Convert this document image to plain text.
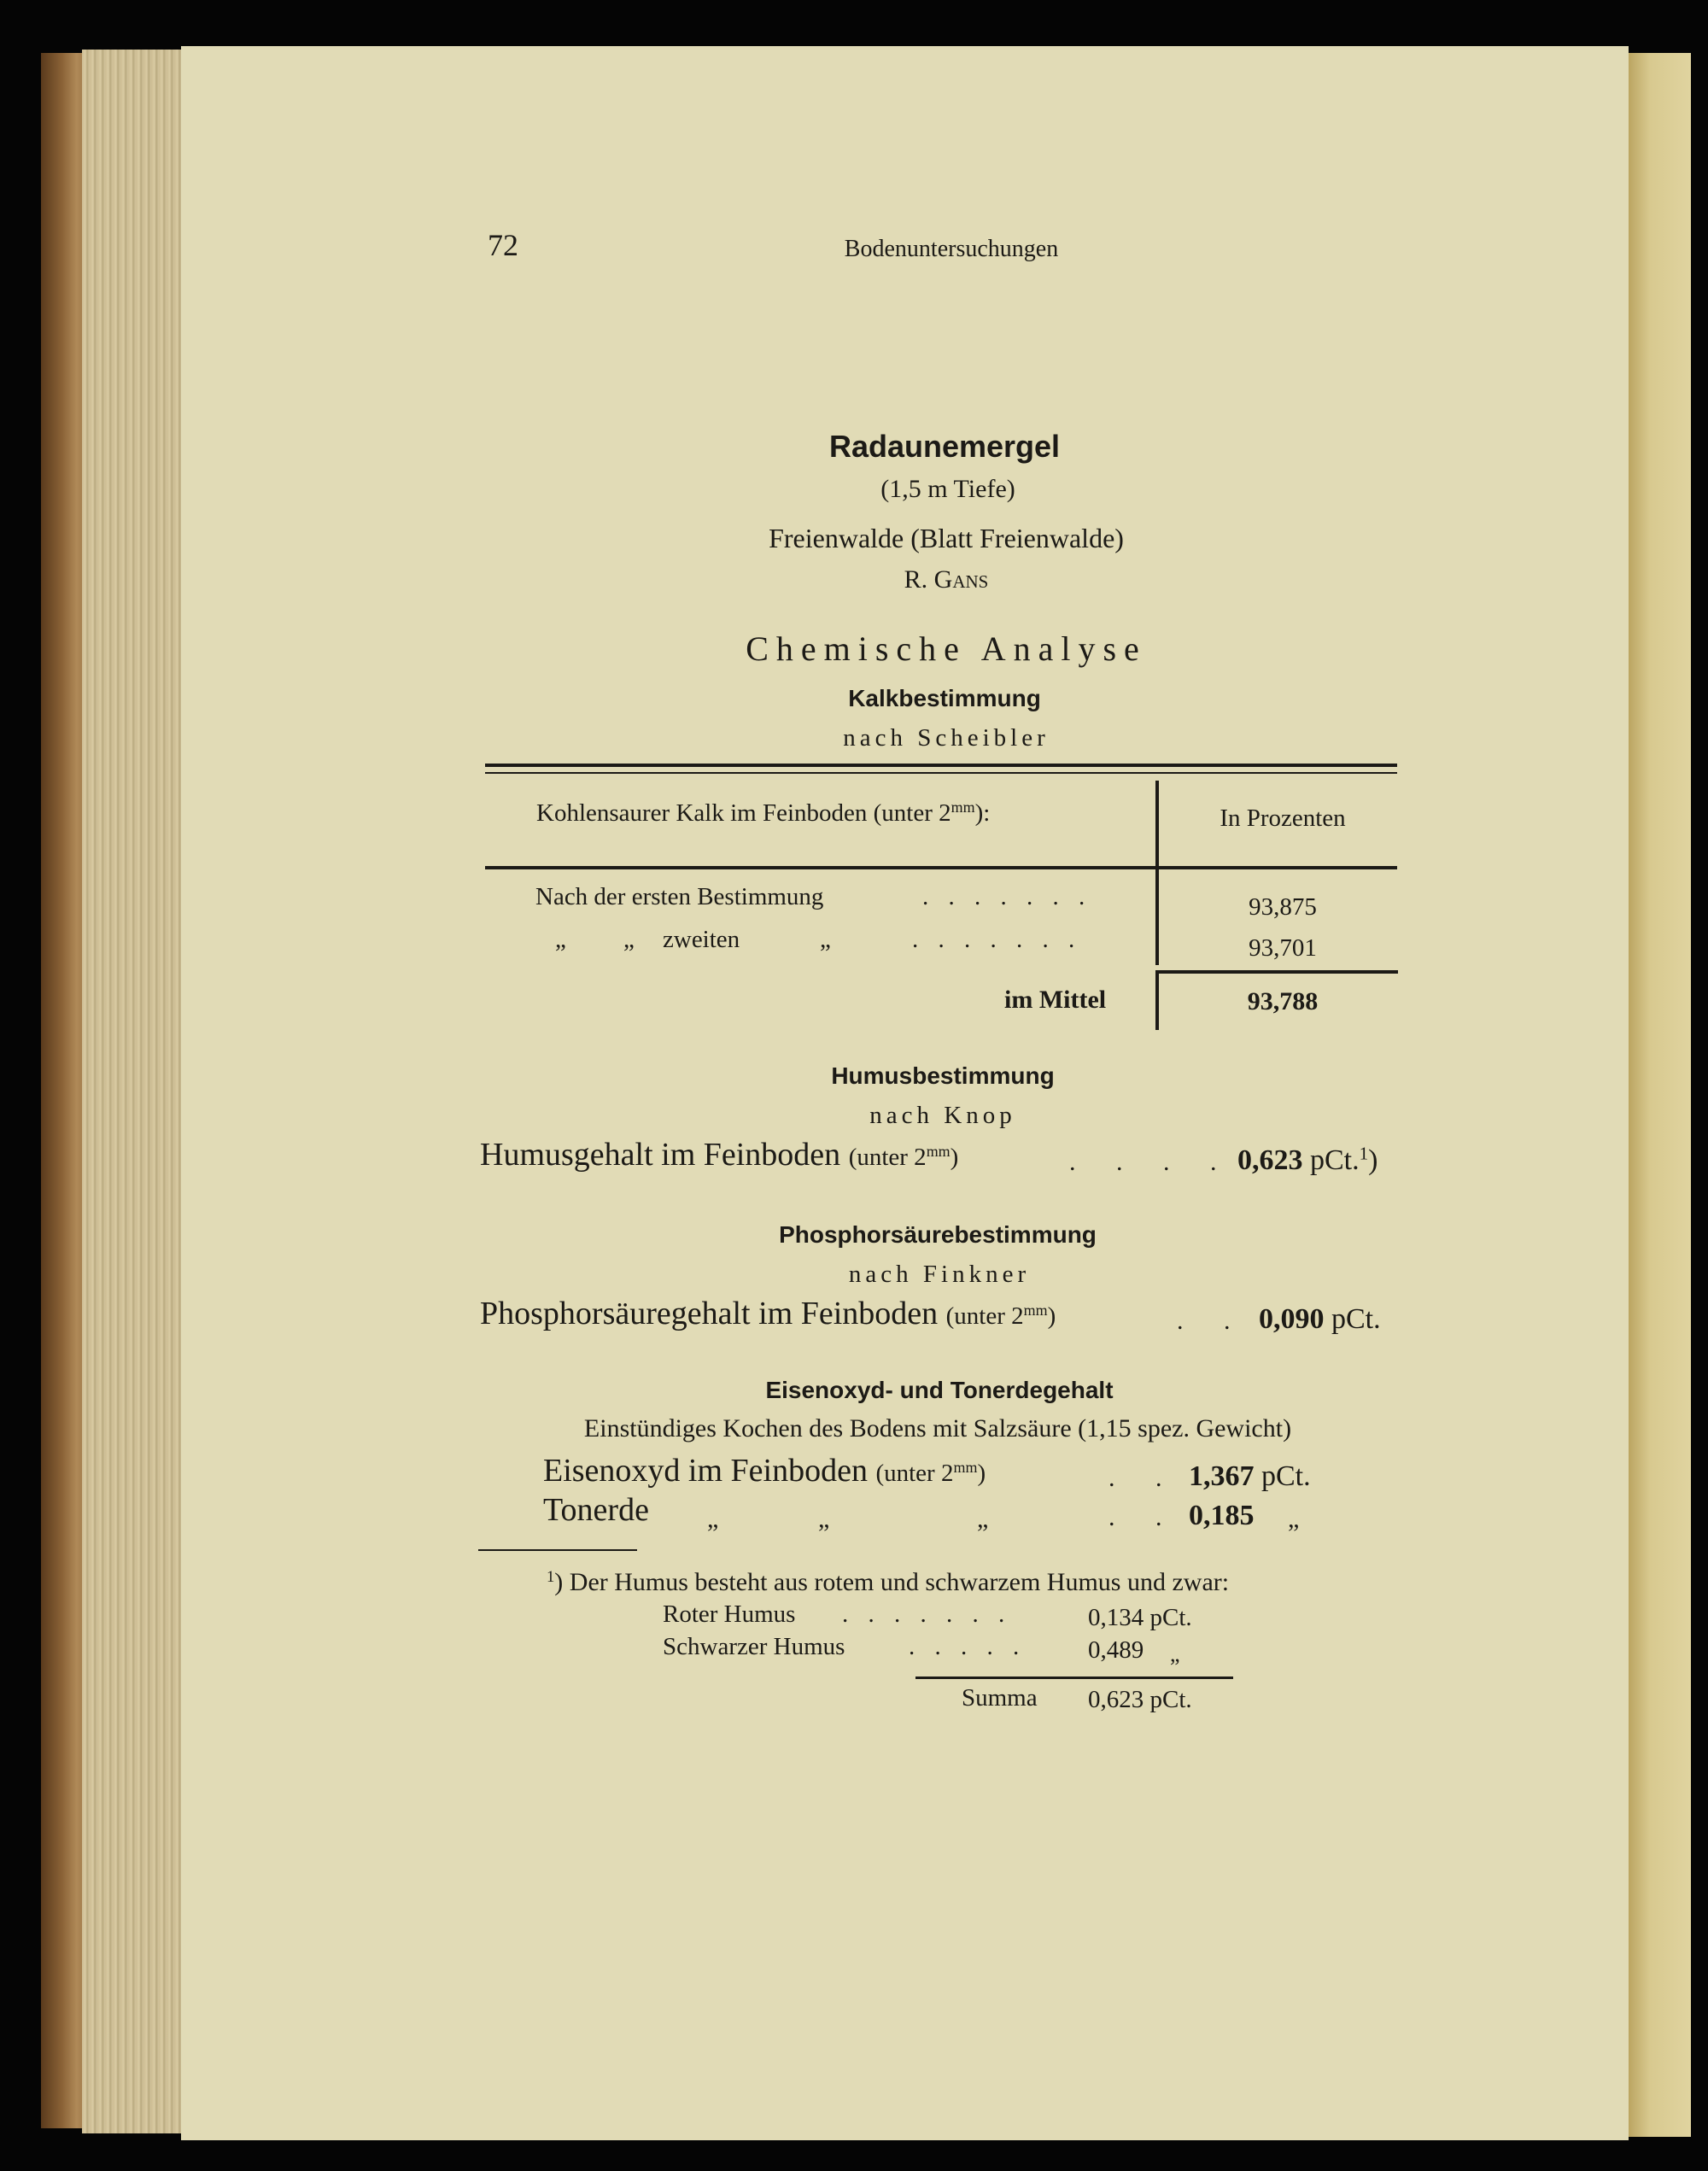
72	Bodenuntersuchungen
Radaunemergel
(1,5 m Tiefe)
Freienwalde (Blatt Freienwalde)
R. Gans
Chemische Analyse
Kalkbestimmung
nach Scheibler
Kohlensaurer Kalk im Feinboden (unter $2^{mm}$):	In Prozenten
Nach der ersten Bestimmung	. . . . . . .	93,875
„ „ zweiten	„	. . . . . . .	93,701
im Mittel	93,788
Humusbestimmung
nach Knop
Humusgehalt im Feinboden (unter $2^{mm}$)	. . . . 0,623 pCt.$^1$)
Phosphorsäurebestimmung
nach Finkner
Phosphorsäuregehalt im Feinboden (unter $2^{mm}$)	. . 0,090 pCt.
Eisenoxyd- und Tonerdegehalt
Einstündiges Kochen des Bodens mit Salzsäure (1,15 spez. Gewicht)
Eisenoxyd im Feinboden (unter $2^{mm}$)	. . 1,367 pCt.
Tonerde „	„	„	. . 0,185 „
$^1$) Der Humus besteht aus rotem und schwarzem Humus und zwar:
Roter Humus . . . . . . .	0,134 pCt.
Schwarzer Humus	. . . . .	0,489 „
Summa 0,623 pCt.
